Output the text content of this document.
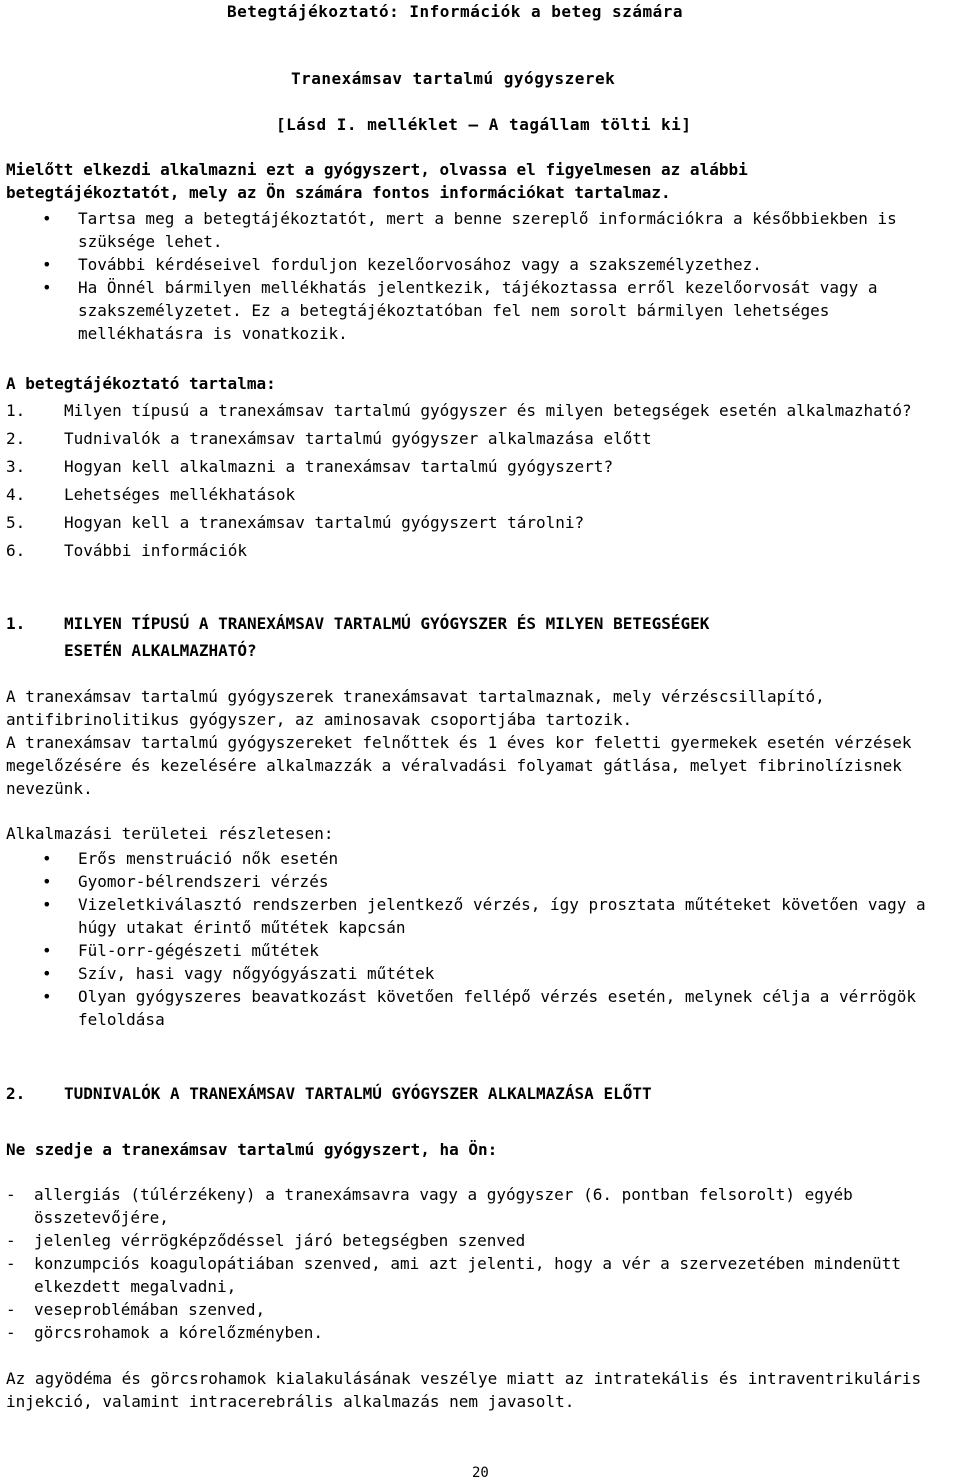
Betegtájékoztató: Információk a beteg számára
Tranexámsav tartalmú gyógyszerek
[Lásd I. melléklet – A tagállam tölti ki]
Mielőtt elkezdi alkalmazni ezt a gyógyszert, olvassa el figyelmesen az alábbi
betegtájékoztatót, mely az Ön számára fontos információkat tartalmaz.
• Tartsa meg a betegtájékoztatót, mert a benne szereplő információkra a későbbiekben is szüksége lehet.
• További kérdéseivel forduljon kezelőorvosához vagy a szakszemélyzethez.
• Ha Önnél bármilyen mellékhatás jelentkezik, tájékoztassa erről kezelőorvosát vagy a szakszemélyzetet. Ez a betegtájékoztatóban fel nem sorolt bármilyen lehetséges mellékhatásra is vonatkozik.
A betegtájékoztató tartalma:
1. Milyen típusú a tranexámsav tartalmú gyógyszer és milyen betegségek esetén alkalmazható?
2. Tudnivalók a tranexámsav tartalmú gyógyszer alkalmazása előtt
3. Hogyan kell alkalmazni a tranexámsav tartalmú gyógyszert?
4. Lehetséges mellékhatások
5. Hogyan kell a tranexámsav tartalmú gyógyszert tárolni?
6. További információk
1. MILYEN TÍPUSÚ A TRANEXÁMSAV TARTALMÚ GYÓGYSZER ÉS MILYEN BETEGSÉGEK
ESETÉN ALKALMAZHATÓ?
A tranexámsav tartalmú gyógyszerek tranexámsavat tartalmaznak, mely vérzéscsillapító, antifibrinolitikus gyógyszer, az aminosavak csoportjába tartozik.
A tranexámsav tartalmú gyógyszereket felnőttek és 1 éves kor feletti gyermekek esetén vérzések megelőzésére és kezelésére alkalmazzák a véralvadási folyamat gátlása, melyet fibrinolízisnek nevezünk.
Alkalmazási területei részletesen:
• Erős menstruáció nők esetén
• Gyomor-bélrendszeri vérzés
• Vizeletkiválasztó rendszerben jelentkező vérzés, így prosztata műtéteket követően vagy a húgy utakat érintő műtétek kapcsán
• Fül-orr-gégészeti műtétek
• Szív, hasi vagy nőgyógyászati műtétek
• Olyan gyógyszeres beavatkozást követően fellépő vérzés esetén, melynek célja a vérrögök feloldása
2. TUDNIVALÓK A TRANEXÁMSAV TARTALMÚ GYÓGYSZER ALKALMAZÁSA ELŐTT
Ne szedje a tranexámsav tartalmú gyógyszert, ha Ön:
- allergiás (túlérzékeny) a tranexámsavra vagy a gyógyszer (6. pontban felsorolt) egyéb összetevőjére,
- jelenleg vérrögképződéssel járó betegségben szenved
- konzumpciós koagulopátiában szenved, ami azt jelenti, hogy a vér a szervezetében mindenütt elkezdett megalvadni,
- veseproblémában szenved,
- görcsrohamok a kórelőzményben.
Az agyödéma és görcsrohamok kialakulásának veszélye miatt az intratekális és intraventrikuláris injekció, valamint intracerebrális alkalmazás nem javasolt.
20
